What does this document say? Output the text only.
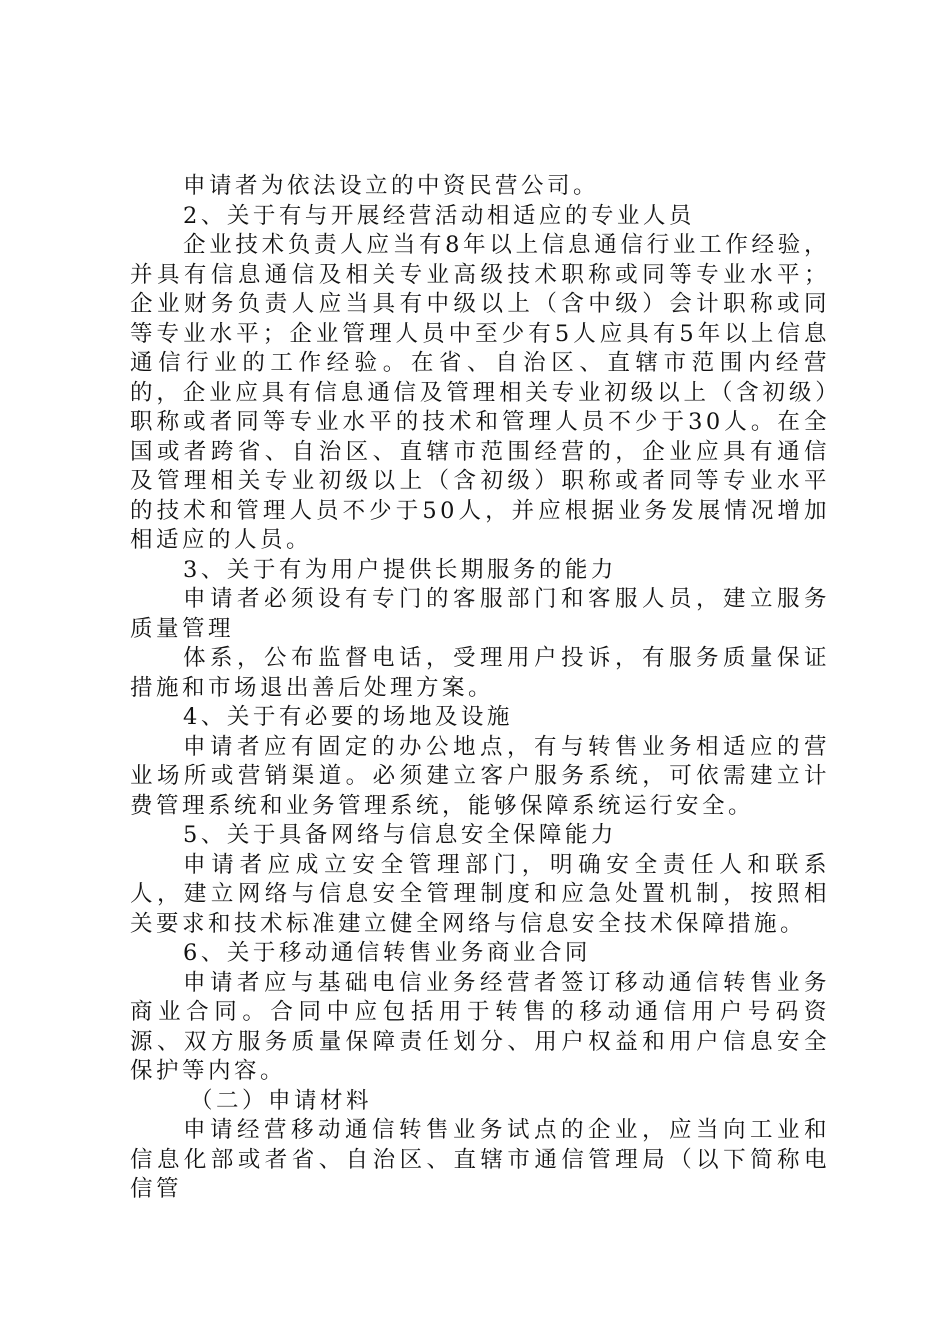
申请者为依法设立的中资民营公司。

2、关于有与开展经营活动相适应的专业人员

企业技术负责人应当有8年以上信息通信行业工作经验，并具有信息通信及相关专业高级技术职称或同等专业水平；企业财务负责人应当具有中级以上（含中级）会计职称或同等专业水平；企业管理人员中至少有5人应具有5年以上信息通信行业的工作经验。在省、自治区、直辖市范围内经营的，企业应具有信息通信及管理相关专业初级以上（含初级）职称或者同等专业水平的技术和管理人员不少于30人。在全国或者跨省、自治区、直辖市范围经营的，企业应具有通信及管理相关专业初级以上（含初级）职称或者同等专业水平的技术和管理人员不少于50人，并应根据业务发展情况增加相适应的人员。

3、关于有为用户提供长期服务的能力

申请者必须设有专门的客服部门和客服人员，建立服务质量管理

体系，公布监督电话，受理用户投诉，有服务质量保证措施和市场退出善后处理方案。

4、关于有必要的场地及设施

申请者应有固定的办公地点，有与转售业务相适应的营业场所或营销渠道。必须建立客户服务系统，可依需建立计费管理系统和业务管理系统，能够保障系统运行安全。

5、关于具备网络与信息安全保障能力

申请者应成立安全管理部门，明确安全责任人和联系人，建立网络与信息安全管理制度和应急处置机制，按照相关要求和技术标准建立健全网络与信息安全技术保障措施。

6、关于移动通信转售业务商业合同

申请者应与基础电信业务经营者签订移动通信转售业务商业合同。合同中应包括用于转售的移动通信用户号码资源、双方服务质量保障责任划分、用户权益和用户信息安全保护等内容。

（二）申请材料

申请经营移动通信转售业务试点的企业，应当向工业和信息化部或者省、自治区、直辖市通信管理局（以下简称电信管
